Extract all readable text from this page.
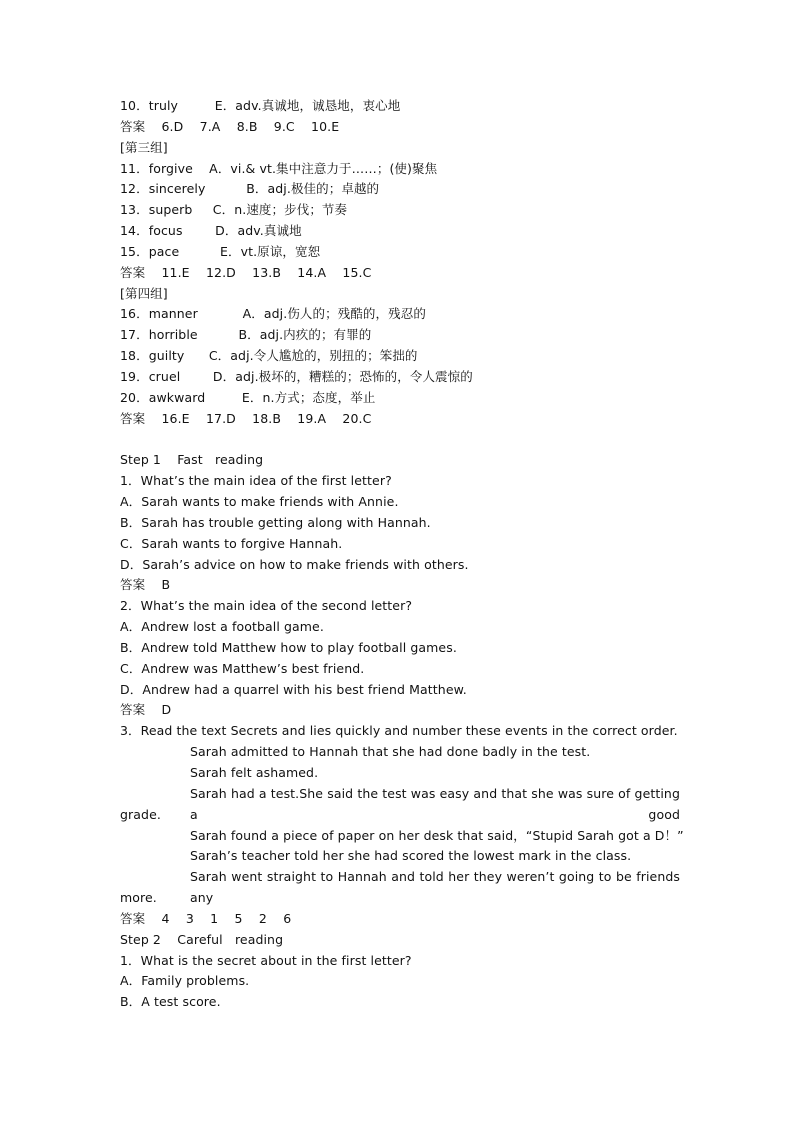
10．truly         E．adv.真诚地，诚恳地，衷心地
答案    6.D    7.A    8.B    9.C    10.E
[第三组]
11．forgive    A．vi.& vt.集中注意力于……；(使)聚焦
12．sincerely          B．adj.极佳的；卓越的
13．superb     C．n.速度；步伐；节奏
14．focus        D．adv.真诚地
15．pace          E．vt.原谅，宽恕
答案    11.E    12.D    13.B    14.A    15.C
[第四组]
16．manner           A．adj.伤人的；残酷的，残忍的
17．horrible          B．adj.内疚的；有罪的
18．guilty      C．adj.令人尴尬的，别扭的；笨拙的
19．cruel        D．adj.极坏的，糟糕的；恐怖的，令人震惊的
20．awkward         E．n.方式；态度，举止
答案    16.E    17.D    18.B    19.A    20.C
Step 1    Fast   reading
1．What’s the main idea of the first letter?
A．Sarah wants to make friends with Annie.
B．Sarah has trouble getting along with Hannah.
C．Sarah wants to forgive Hannah.
D．Sarah’s advice on how to make friends with others.
答案    B
2．What’s the main idea of the second letter?
A．Andrew lost a football game.
B．Andrew told Matthew how to play football games.
C．Andrew was Matthew’s best friend.
D．Andrew had a quarrel with his best friend Matthew.
答案    D
3．Read the text Secrets and lies quickly and number these events in the correct order.
Sarah admitted to Hannah that she had done badly in the test.
Sarah felt ashamed.
Sarah had a test.She said the test was easy and that she was sure of getting a good
grade.
Sarah found a piece of paper on her desk that said，“Stupid Sarah got a D！”
Sarah’s teacher told her she had scored the lowest mark in the class.
Sarah went straight to Hannah and told her they weren’t going to be friends any
more.
答案    4    3    1    5    2    6
Step 2    Careful   reading
1．What is the secret about in the first letter?
A．Family problems.
B．A test score.
